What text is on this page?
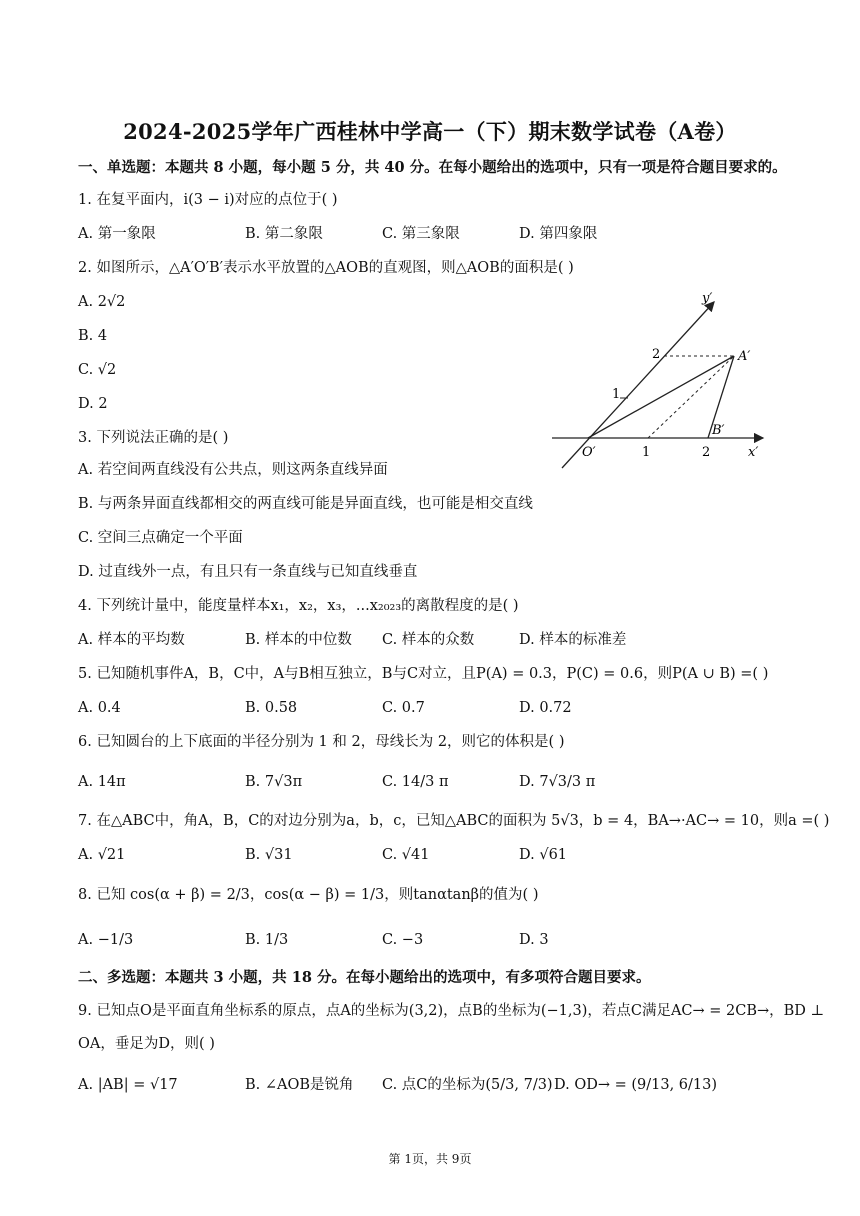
2024-2025学年广西桂林中学高一（下）期末数学试卷（A卷）
一、单选题：本题共 8 小题，每小题 5 分，共 40 分。在每小题给出的选项中，只有一项是符合题目要求的。
1. 在复平面内，i(3 − i)对应的点位于( )
A. 第一象限	B. 第二象限	C. 第三象限	D. 第四象限
2. 如图所示，△A′O′B′表示水平放置的△AOB的直观图，则△AOB的面积是( )
A. 2√2
B. 4
C. √2
D. 2
y′
x′
O′
A′
B′
2
1
1	2
3. 下列说法正确的是( )
A. 若空间两直线没有公共点，则这两条直线异面
B. 与两条异面直线都相交的两直线可能是异面直线，也可能是相交直线
C. 空间三点确定一个平面
D. 过直线外一点，有且只有一条直线与已知直线垂直
4. 下列统计量中，能度量样本x₁，x₂，x₃，...x₂₀₂₃的离散程度的是( )
A. 样本的平均数	B. 样本的中位数 C. 样本的众数	D. 样本的标准差
5. 已知随机事件A，B，C中，A与B相互独立，B与C对立，且P(A) = 0.3，P(C) = 0.6，则P(A ∪ B) =( )
A. 0.4	B. 0.58	C. 0.7	D. 0.72
6. 已知圆台的上下底面的半径分别为 1 和 2，母线长为 2，则它的体积是( )
A. 14π	B. 7√3π	C. 14/3 π	D. 7√3/3 π
7. 在△ABC中，角A，B，C的对边分别为a，b，c，已知△ABC的面积为 5√3，b = 4，BA→·AC→ = 10，则a =( )
A. √21	B. √31	C. √41	D. √61
8. 已知 cos(α + β) = 2/3，cos(α − β) = 1/3，则tanαtanβ的值为( )
A. −1/3	B. 1/3	C. −3	D. 3
二、多选题：本题共 3 小题，共 18 分。在每小题给出的选项中，有多项符合题目要求。
9. 已知点O是平面直角坐标系的原点，点A的坐标为(3,2)，点B的坐标为(−1,3)，若点C满足AC→ = 2CB→，BD ⊥
OA，垂足为D，则( )
A. |AB| = √17	B. ∠AOB是锐角 C. 点C的坐标为(5/3, 7/3) D. OD→ = (9/13, 6/13)
第 1页，共 9页
